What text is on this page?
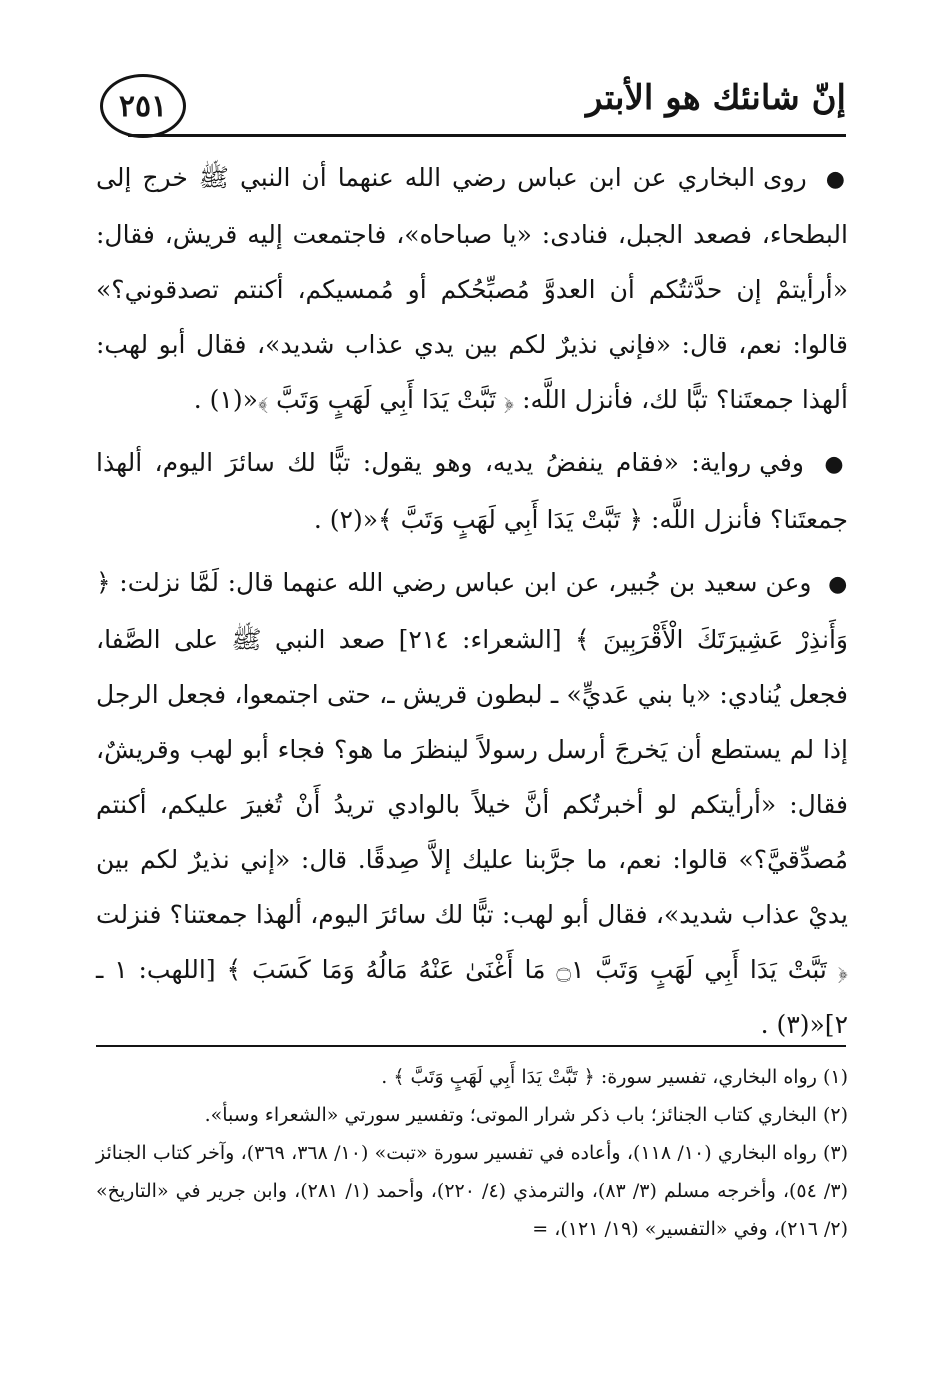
إنّ شانئك هو الأبتر
٢٥١

● روى البخاري عن ابن عباس رضي الله عنهما أن النبي ﷺ خرج إلى البطحاء، فصعد الجبل، فنادى: «يا صباحاه»، فاجتمعت إليه قريش، فقال: «أرأيتمْ إن حدَّثتُكم أن العدوَّ مُصبِّحُكم أو مُمسيكم، أكنتم تصدقوني؟» قالوا: نعم، قال: «فإني نذيرٌ لكم بين يدي عذاب شديد»، فقال أبو لهب: ألهذا جمعتَنا؟ تبًّا لك، فأنزل اللَّه: ﴿ تَبَّتْ يَدَا أَبِي لَهَبٍ وَتَبَّ ﴾«(١) .

● وفي رواية: «فقام ينفضُ يديه، وهو يقول: تبًّا لك سائرَ اليوم، ألهذا جمعتَنا؟ فأنزل اللَّه: ﴿ تَبَّتْ يَدَا أَبِي لَهَبٍ وَتَبَّ ﴾«(٢) .

● وعن سعيد بن جُبير، عن ابن عباس رضي الله عنهما قال: لَمَّا نزلت: ﴿ وَأَنذِرْ عَشِيرَتَكَ الْأَقْرَبِينَ ﴾ [الشعراء: ٢١٤] صعد النبي ﷺ على الصَّفا، فجعل يُنادي: «يا بني عَديٍّ» ـ لبطون قريش ـ، حتى اجتمعوا، فجعل الرجل إذا لم يستطع أن يَخرجَ أرسل رسولاً لينظرَ ما هو؟ فجاء أبو لهب وقريشٌ، فقال: «أرأيتكم لو أخبرتُكم أنَّ خيلاً بالوادي تريدُ أَنْ تُغيرَ عليكم، أكنتم مُصدِّقيَّ؟» قالوا: نعم، ما جرَّبنا عليك إلاَّ صِدقًا. قال: «إني نذيرٌ لكم بين يديْ عذاب شديد»، فقال أبو لهب: تبًّا لك سائرَ اليوم، ألهذا جمعتنا؟ فنزلت ﴿ تَبَّتْ يَدَا أَبِي لَهَبٍ وَتَبَّ ۝١ مَا أَغْنَىٰ عَنْهُ مَالُهُ وَمَا كَسَبَ ﴾ [اللهب: ١ ـ ٢]«(٣) .

(١) رواه البخاري، تفسير سورة: ﴿ تَبَّتْ يَدَا أَبِي لَهَبٍ وَتَبَّ ﴾ .

(٢) البخاري كتاب الجنائز؛ باب ذكر شرار الموتى؛ وتفسير سورتي «الشعراء وسبأ».

(٣) رواه البخاري (١٠/ ١١٨)، وأعاده في تفسير سورة «تبت» (١٠/ ٣٦٨، ٣٦٩)، وآخر كتاب الجنائز (٣/ ٥٤)، وأخرجه مسلم (٣/ ٨٣)، والترمذي (٤/ ٢٢٠)، وأحمد (١/ ٢٨١)، وابن جرير في «التاريخ» (٢/ ٢١٦)، وفي «التفسير» (١٩/ ١٢١)، =
